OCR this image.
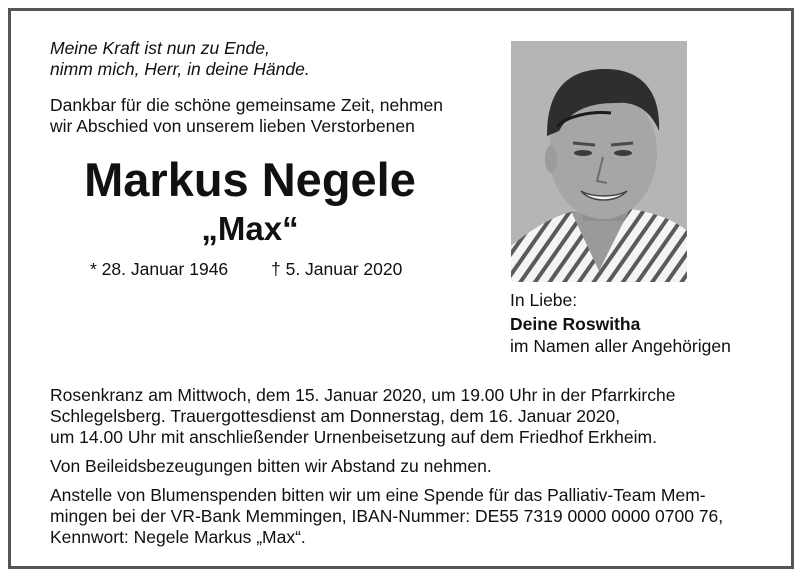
Meine Kraft ist nun zu Ende,
nimm mich, Herr, in deine Hände.
Dankbar für die schöne gemeinsame Zeit, nehmen
wir Abschied von unserem lieben Verstorbenen
Markus Negele
„Max“
* 28. Januar 1946 † 5. Januar 2020
In Liebe:
Deine Roswitha
im Namen aller Angehörigen
Rosenkranz am Mittwoch, dem 15. Januar 2020, um 19.00 Uhr in der Pfarrkirche
Schlegelsberg. Trauergottesdienst am Donnerstag, dem 16. Januar 2020,
um 14.00 Uhr mit anschließender Urnenbeisetzung auf dem Friedhof Erkheim.
Von Beileidsbezeugungen bitten wir Abstand zu nehmen.
Anstelle von Blumenspenden bitten wir um eine Spende für das Palliativ-Team Mem-
mingen bei der VR-Bank Memmingen, IBAN-Nummer: DE55 7319 0000 0000 0700 76,
Kennwort: Negele Markus „Max“.
